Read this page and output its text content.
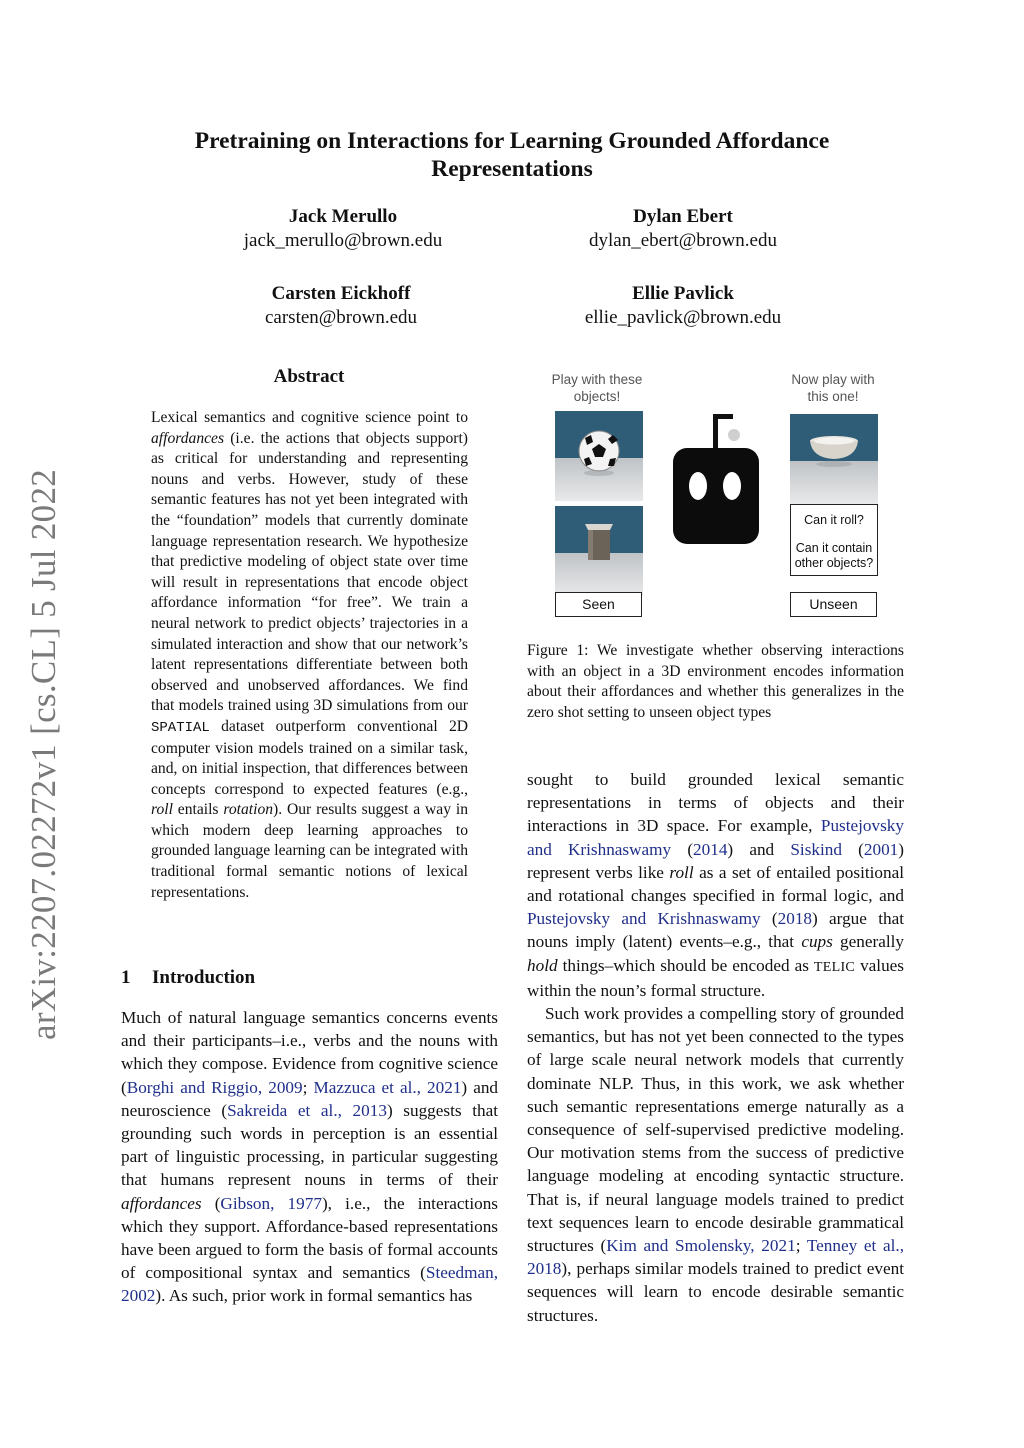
Pretraining on Interactions for Learning Grounded Affordance Representations
Jack Merullo
jack_merullo@brown.edu
Dylan Ebert
dylan_ebert@brown.edu
Carsten Eickhoff
carsten@brown.edu
Ellie Pavlick
ellie_pavlick@brown.edu
arXiv:2207.02272v1 [cs.CL] 5 Jul 2022
Abstract
Lexical semantics and cognitive science point to affordances (i.e. the actions that objects support) as critical for understanding and representing nouns and verbs. However, study of these semantic features has not yet been integrated with the “foundation” models that currently dominate language representation research. We hypothesize that predictive modeling of object state over time will result in representations that encode object affordance information “for free”. We train a neural network to predict objects’ trajectories in a simulated interaction and show that our network’s latent representations differentiate between both observed and unobserved affordances. We find that models trained using 3D simulations from our SPATIAL dataset outperform conventional 2D computer vision models trained on a similar task, and, on initial inspection, that differences between concepts correspond to expected features (e.g., roll entails rotation). Our results suggest a way in which modern deep learning approaches to grounded language learning can be integrated with traditional formal semantic notions of lexical representations.
Play with these objects!
Now play with this one!
Seen
Can it roll?
Can it contain other objects?
Unseen
Figure 1: We investigate whether observing interactions with an object in a 3D environment encodes information about their affordances and whether this generalizes in the zero shot setting to unseen object types
1 Introduction
Much of natural language semantics concerns events and their participants–i.e., verbs and the nouns with which they compose. Evidence from cognitive science (Borghi and Riggio, 2009; Mazzuca et al., 2021) and neuroscience (Sakreida et al., 2013) suggests that grounding such words in perception is an essential part of linguistic processing, in particular suggesting that humans represent nouns in terms of their affordances (Gibson, 1977), i.e., the interactions which they support. Affordance-based representations have been argued to form the basis of formal accounts of compositional syntax and semantics (Steedman, 2002). As such, prior work in formal semantics has

sought to build grounded lexical semantic representations in terms of objects and their interactions in 3D space. For example, Pustejovsky and Krishnaswamy (2014) and Siskind (2001) represent verbs like roll as a set of entailed positional and rotational changes specified in formal logic, and Pustejovsky and Krishnaswamy (2018) argue that nouns imply (latent) events–e.g., that cups generally hold things–which should be encoded as TELIC values within the noun’s formal structure.

Such work provides a compelling story of grounded semantics, but has not yet been connected to the types of large scale neural network models that currently dominate NLP. Thus, in this work, we ask whether such semantic representations emerge naturally as a consequence of self-supervised predictive modeling. Our motivation stems from the success of predictive language modeling at encoding syntactic structure. That is, if neural language models trained to predict text sequences learn to encode desirable grammatical structures (Kim and Smolensky, 2021; Tenney et al., 2018), perhaps similar models trained to predict event sequences will learn to encode desirable semantic structures.
